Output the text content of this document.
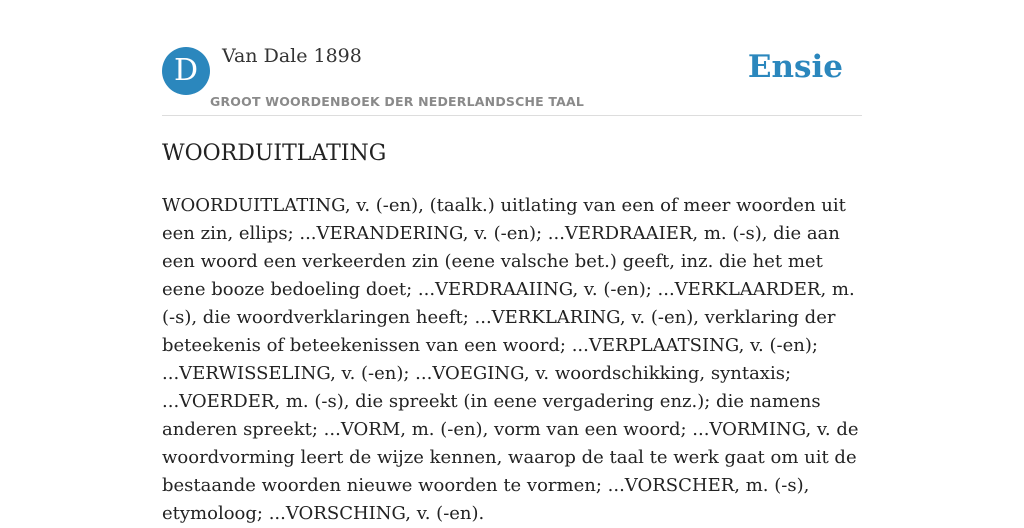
D	Van Dale 1898
GROOT WOORDENBOEK DER NEDERLANDSCHE TAAL
Ensie
WOORDUITLATING

WOORDUITLATING, v. (-en), (taalk.) uitlating van een of meer woorden uit een zin, ellips; ...VERANDERING, v. (-en); ...VERDRAAIER, m. (-s), die aan een woord een verkeerden zin (eene valsche bet.) geeft, inz. die het met eene booze bedoeling doet; ...VERDRAAIING, v. (-en); ...VERKLAARDER, m. (-s), die woordverklaringen heeft; ...VERKLARING, v. (-en), verklaring der beteekenis of beteekenissen van een woord; ...VERPLAATSING, v. (-en); ...VERWISSELING, v. (-en); ...VOEGING, v. woordschikking, syntaxis; ...VOERDER, m. (-s), die spreekt (in eene vergadering enz.); die namens anderen spreekt; ...VORM, m. (-en), vorm van een woord; ...VORMING, v. de woordvorming leert de wijze kennen, waarop de taal te werk gaat om uit de bestaande woorden nieuwe woorden te vormen; ...VORSCHER, m. (-s), etymoloog; ...VORSCHING, v. (-en).
